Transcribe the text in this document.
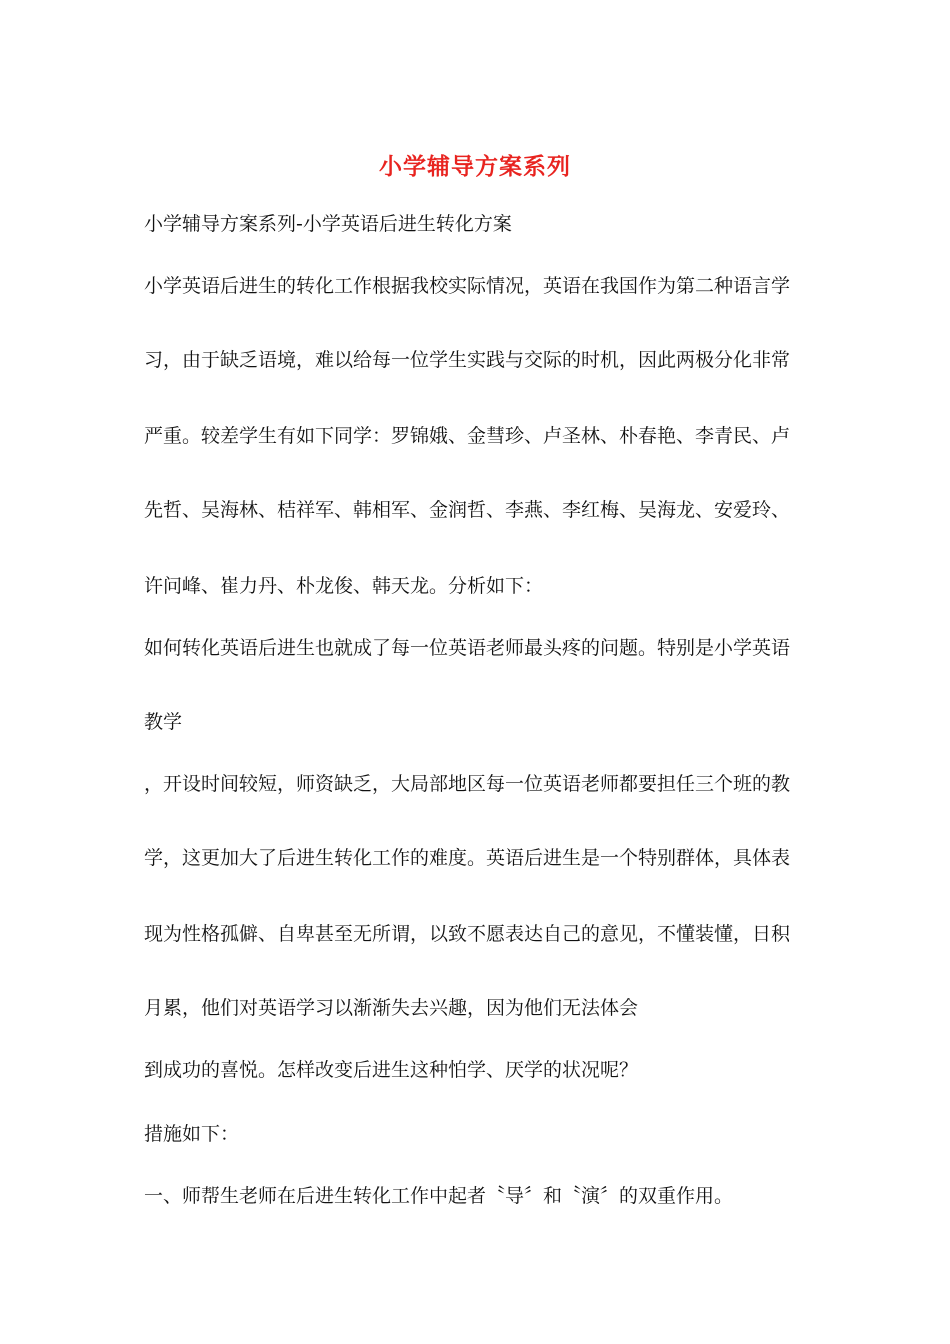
小学辅导方案系列
小学辅导方案系列-小学英语后进生转化方案
小学英语后进生的转化工作根据我校实际情况，英语在我国作为第二种语言学
习，由于缺乏语境，难以给每一位学生实践与交际的时机，因此两极分化非常
严重。较差学生有如下同学：罗锦娥、金彗珍、卢圣林、朴春艳、李青民、卢
先哲、吴海林、桔祥军、韩相军、金润哲、李燕、李红梅、吴海龙、安爱玲、
许问峰、崔力丹、朴龙俊、韩天龙。分析如下：
如何转化英语后进生也就成了每一位英语老师最头疼的问题。特别是小学英语
教学
，开设时间较短，师资缺乏，大局部地区每一位英语老师都要担任三个班的教
学，这更加大了后进生转化工作的难度。英语后进生是一个特别群体，具体表
现为性格孤僻、自卑甚至无所谓，以致不愿表达自己的意见，不懂装懂，日积
月累，他们对英语学习以渐渐失去兴趣，因为他们无法体会
到成功的喜悦。怎样改变后进生这种怕学、厌学的状况呢？
措施如下：
一、师帮生老师在后进生转化工作中起者〝导〞和〝演〞的双重作用。
